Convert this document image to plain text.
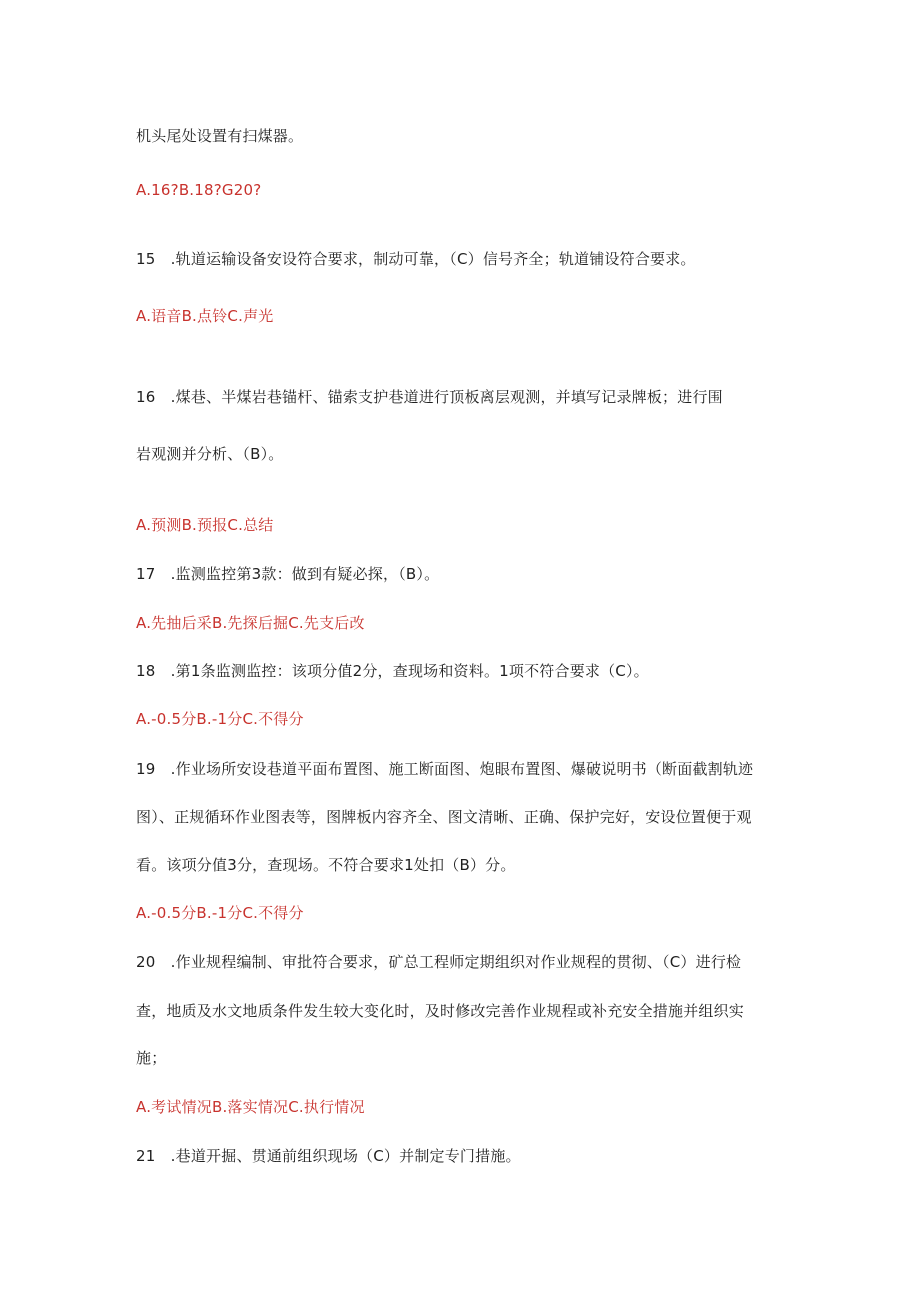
机头尾处设置有扫煤器。
A.16?B.18?G20?
15　.轨道运输设备安设符合要求，制动可靠，（C）信号齐全；轨道铺设符合要求。
A.语音B.点铃C.声光
16　.煤巷、半煤岩巷锚杆、锚索支护巷道进行顶板离层观测，并填写记录牌板；进行围
岩观测并分析、（B）。
A.预测B.预报C.总结
17　.监测监控第3款：做到有疑必探，（B）。
A.先抽后采B.先探后掘C.先支后改
18　.第1条监测监控：该项分值2分，查现场和资料。1项不符合要求（C）。
A.-0.5分B.-1分C.不得分
19　.作业场所安设巷道平面布置图、施工断面图、炮眼布置图、爆破说明书（断面截割轨迹
图）、正规循环作业图表等，图牌板内容齐全、图文清晰、正确、保护完好，安设位置便于观
看。该项分值3分，查现场。不符合要求1处扣（B）分。
A.-0.5分B.-1分C.不得分
20　.作业规程编制、审批符合要求，矿总工程师定期组织对作业规程的贯彻、（C）进行检
查，地质及水文地质条件发生较大变化时，及时修改完善作业规程或补充安全措施并组织实
施；
A.考试情况B.落实情况C.执行情况
21　.巷道开掘、贯通前组织现场（C）并制定专门措施。
